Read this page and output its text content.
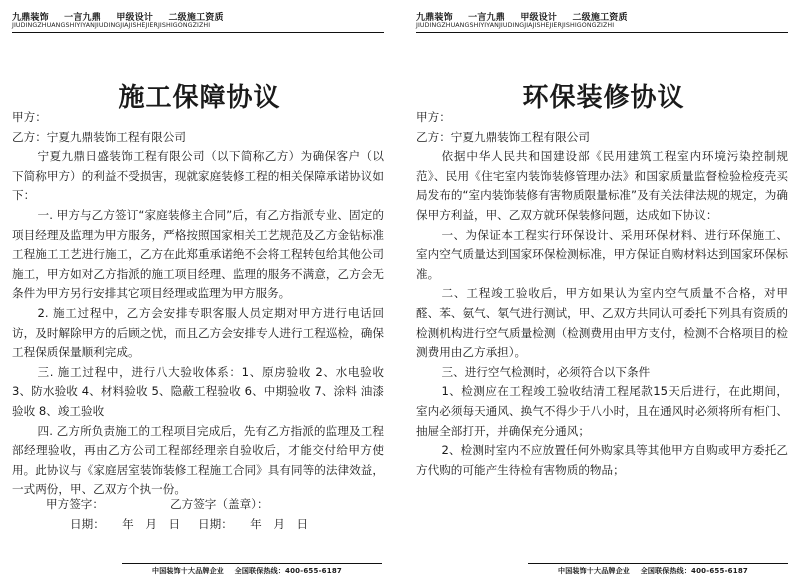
九鼎装饰 一言九鼎 甲级设计 二级施工资质
JIUDINGZHUANGSHIYIYANJIUDINGJIAJISHEJIERJISHIGONGZIZHI
施工保障协议

甲方：

乙方：宁夏九鼎装饰工程有限公司

宁夏九鼎日盛装饰工程有限公司（以下简称乙方）为确保客户（以下简称甲方）的利益不受损害，现就家庭装修工程的相关保障承诺协议如下：

一. 甲方与乙方签订“家庭装修主合同”后，有乙方指派专业、固定的项目经理及监理为甲方服务，严格按照国家相关工艺规范及乙方金钻标准工程施工工艺进行施工，乙方在此郑重承诺绝不会将工程转包给其他公司施工，甲方如对乙方指派的施工项目经理、监理的服务不满意，乙方会无条件为甲方另行安排其它项目经理或监理为甲方服务。

2. 施工过程中，乙方会安排专职客服人员定期对甲方进行电话回访，及时解除甲方的后顾之忧，而且乙方会安排专人进行工程巡检，确保工程保质保量顺利完成。

三. 施工过程中，进行八大验收体系：1、原房验收 2、水电验收 3、防水验收 4、材料验收 5、隐蔽工程验收 6、中期验收 7、涂料 油漆验收 8、竣工验收

四. 乙方所负责施工的工程项目完成后，先有乙方指派的监理及工程部经理验收，再由乙方公司工程部经理亲自验收后，才能交付给甲方使用。此协议与《家庭居室装饰装修工程施工合同》具有同等的法律效益，一式两份，甲、乙双方个执一份。

甲方签字：	乙方签字（盖章）：
日期：　　年　月　日 日期：　　年　月　日
中国装饰十大品牌企业 全国联保热线：400-655-6187
九鼎装饰 一言九鼎 甲级设计 二级施工资质
JIUDINGZHUANGSHIYIYANJIUDINGJIAJISHEJIERJISHIGONGZIZHI
环保装修协议

甲方：

乙方：宁夏九鼎装饰工程有限公司

依据中华人民共和国建设部《民用建筑工程室内环境污染控制规范》、民用《住宅室内装饰装修管理办法》和国家质量监督检验检疫壳买局发布的“室内装饰装修有害物质限量标准”及有关法律法规的规定，为确保甲方利益，甲、乙双方就环保装修问题，达成如下协议：

一、为保证本工程实行环保设计、采用环保材料、进行环保施工、室内空气质量达到国家环保检测标准，甲方保证自购材料达到国家环保标准。

二、工程竣工验收后，甲方如果认为室内空气质量不合格，对甲醛、苯、氨气、氡气进行测试，甲、乙双方共同认可委托下列具有资质的检测机构进行空气质量检测（检测费用由甲方支付，检测不合格项目的检测费用由乙方承担）。

三、进行空气检测时，必须符合以下条件

1、检测应在工程竣工验收结清工程尾款15天后进行，在此期间，室内必须每天通风、换气不得少于八小时，且在通风时必须将所有柜门、抽屉全部打开，并确保充分通风；

2、检测时室内不应放置任何外购家具等其他甲方自购或甲方委托乙方代购的可能产生待检有害物质的物品；

中国装饰十大品牌企业 全国联保热线：400-655-6187
